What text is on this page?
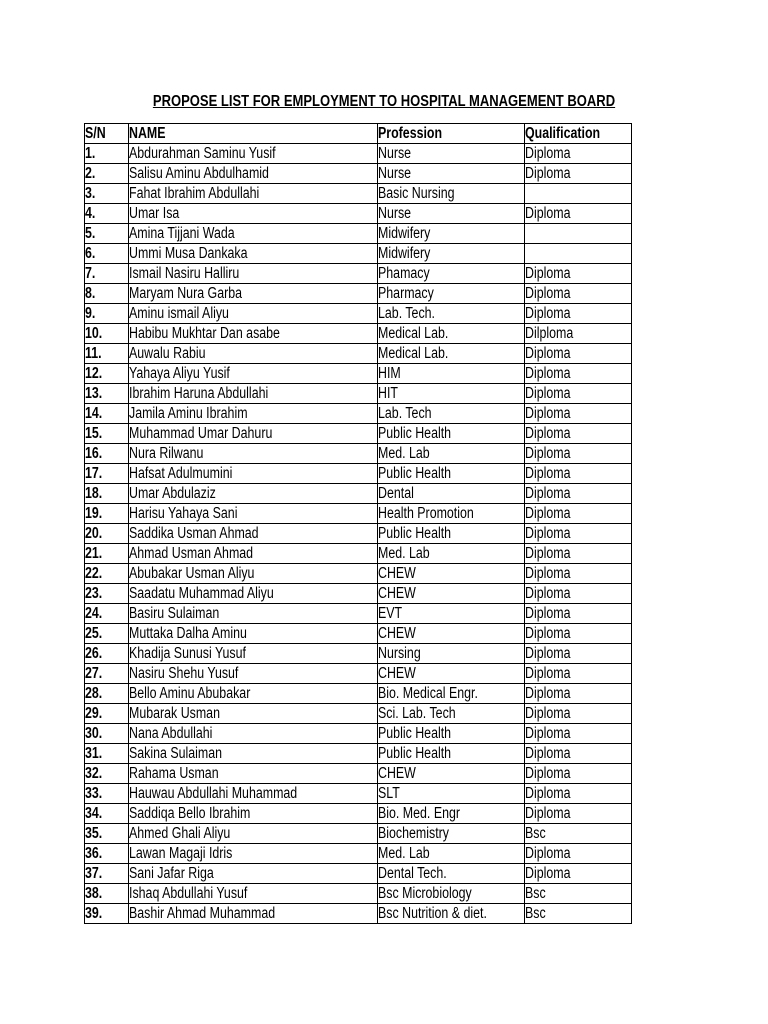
PROPOSE LIST FOR EMPLOYMENT TO HOSPITAL MANAGEMENT BOARD
S/N	NAME	Profession	Qualification
1.	Abdurahman Saminu Yusif	Nurse	Diploma
2.	Salisu Aminu Abdulhamid	Nurse	Diploma
3.	Fahat Ibrahim Abdullahi	Basic Nursing	
4.	Umar Isa	Nurse	Diploma
5.	Amina Tijjani Wada	Midwifery	
6.	Ummi Musa Dankaka	Midwifery	
7.	Ismail Nasiru Halliru	Phamacy	Diploma
8.	Maryam Nura Garba	Pharmacy	Diploma
9.	Aminu ismail Aliyu	Lab. Tech.	Diploma
10.	Habibu Mukhtar Dan asabe	Medical Lab.	Dilploma
11.	Auwalu Rabiu	Medical Lab.	Diploma
12.	Yahaya Aliyu Yusif	HIM	Diploma
13.	Ibrahim Haruna Abdullahi	HIT	Diploma
14.	Jamila Aminu Ibrahim	Lab. Tech	Diploma
15.	Muhammad Umar Dahuru	Public Health	Diploma
16.	Nura Rilwanu	Med. Lab	Diploma
17.	Hafsat Adulmumini	Public Health	Diploma
18.	Umar Abdulaziz	Dental	Diploma
19.	Harisu Yahaya Sani	Health Promotion	Diploma
20.	Saddika Usman Ahmad	Public Health	Diploma
21.	Ahmad Usman Ahmad	Med. Lab	Diploma
22.	Abubakar Usman Aliyu	CHEW	Diploma
23.	Saadatu Muhammad Aliyu	CHEW	Diploma
24.	Basiru Sulaiman	EVT	Diploma
25.	Muttaka Dalha Aminu	CHEW	Diploma
26.	Khadija Sunusi Yusuf	Nursing	Diploma
27.	Nasiru Shehu Yusuf	CHEW	Diploma
28.	Bello Aminu Abubakar	Bio. Medical Engr.	Diploma
29.	Mubarak Usman	Sci. Lab. Tech	Diploma
30.	Nana Abdullahi	Public Health	Diploma
31.	Sakina Sulaiman	Public Health	Diploma
32.	Rahama Usman	CHEW	Diploma
33.	Hauwau Abdullahi Muhammad	SLT	Diploma
34.	Saddiqa Bello Ibrahim	Bio. Med. Engr	Diploma
35.	Ahmed Ghali Aliyu	Biochemistry	Bsc
36.	Lawan Magaji Idris	Med. Lab	Diploma
37.	Sani Jafar Riga	Dental Tech.	Diploma
38.	Ishaq Abdullahi Yusuf	Bsc Microbiology	Bsc
39.	Bashir Ahmad Muhammad	Bsc Nutrition & diet.	Bsc
